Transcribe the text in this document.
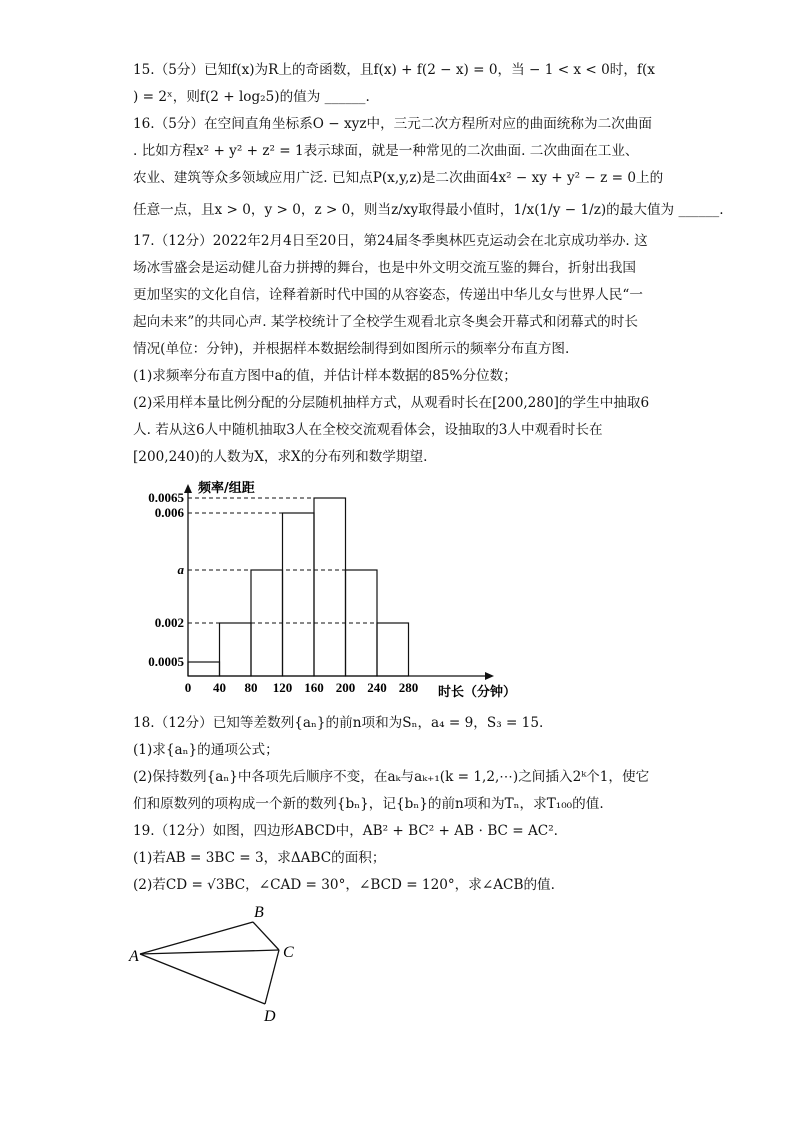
15.（5分）已知f(x)为R上的奇函数，且f(x) + f(2 − x) = 0，当 − 1 < x < 0时，f(x
) = 2ˣ，则f(2 + log₂5)的值为 ______.
16.（5分）在空间直角坐标系O − xyz中，三元二次方程所对应的曲面统称为二次曲面
. 比如方程x² + y² + z² = 1表示球面，就是一种常见的二次曲面. 二次曲面在工业、
农业、建筑等众多领域应用广泛. 已知点P(x,y,z)是二次曲面4x² − xy + y² − z = 0上的
任意一点，且x > 0，y > 0，z > 0，则当z/xy取得最小值时，1/x(1/y − 1/z)的最大值为 ______.
17.（12分）2022年2月4日至20日，第24届冬季奥林匹克运动会在北京成功举办. 这
场冰雪盛会是运动健儿奋力拼搏的舞台，也是中外文明交流互鉴的舞台，折射出我国
更加坚实的文化自信，诠释着新时代中国的从容姿态，传递出中华儿女与世界人民“一
起向未来”的共同心声. 某学校统计了全校学生观看北京冬奥会开幕式和闭幕式的时长
情况(单位：分钟)，并根据样本数据绘制得到如图所示的频率分布直方图.
(1)求频率分布直方图中a的值，并估计样本数据的85%分位数；
(2)采用样本量比例分配的分层随机抽样方式，从观看时长在[200,280]的学生中抽取6
人. 若从这6人中随机抽取3人在全校交流观看体会，设抽取的3人中观看时长在
[200,240)的人数为X，求X的分布列和数学期望.
0.0065
0.006
a
0.002
0.0005
0 40 80 120 160 200 240 280
频率/组距
时长（分钟）
18.（12分）已知等差数列{aₙ}的前n项和为Sₙ，a₄ = 9，S₃ = 15.
(1)求{aₙ}的通项公式；
(2)保持数列{aₙ}中各项先后顺序不变，在aₖ与aₖ₊₁(k = 1,2,⋯)之间插入2ᵏ个1，使它
们和原数列的项构成一个新的数列{bₙ}，记{bₙ}的前n项和为Tₙ，求T₁₀₀的值.
19.（12分）如图，四边形ABCD中，AB² + BC² + AB ⋅ BC = AC².
(1)若AB = 3BC = 3，求ΔABC的面积；
(2)若CD = √3BC，∠CAD = 30°，∠BCD = 120°，求∠ACB的值.
A
B
C
D
